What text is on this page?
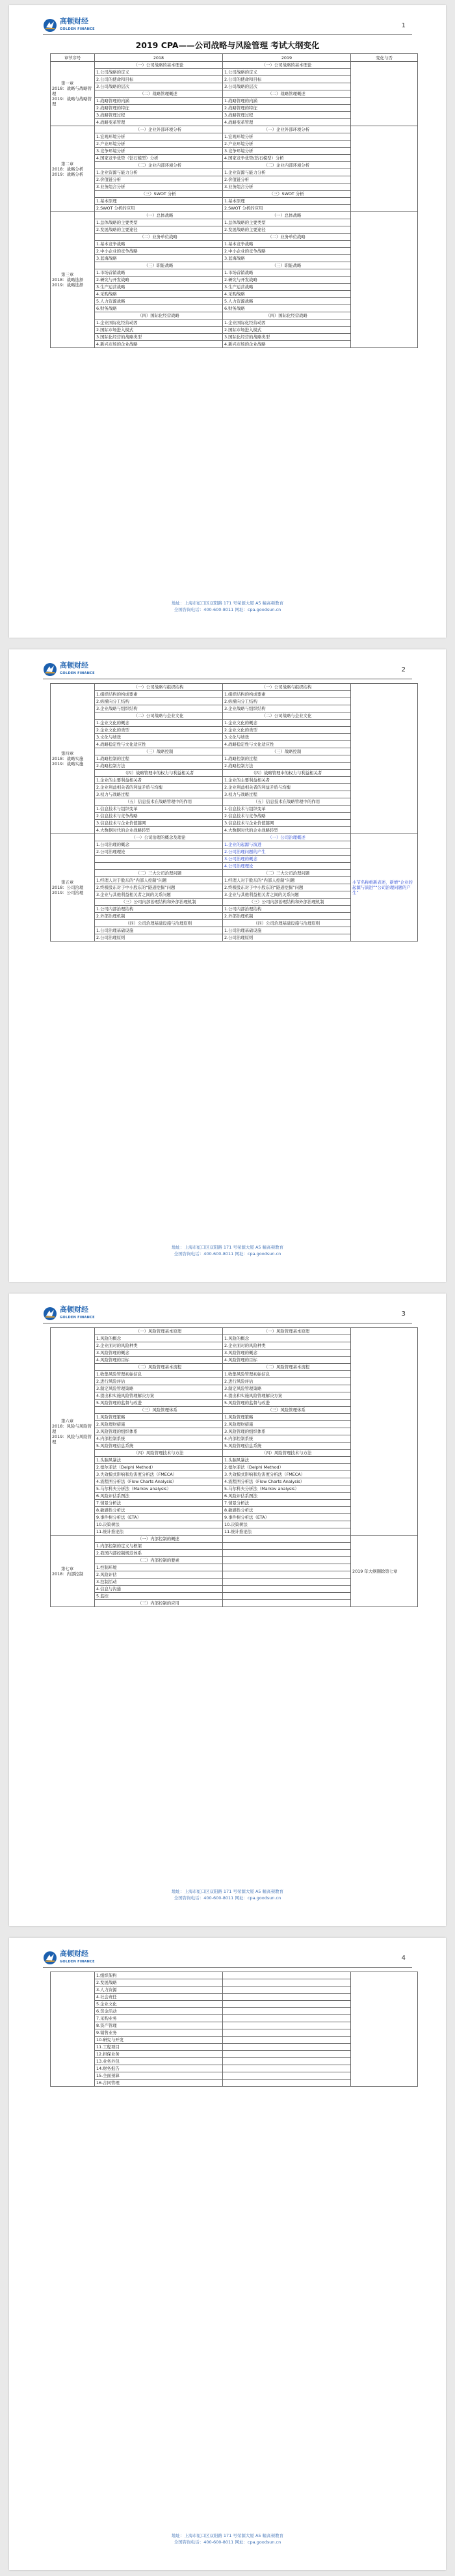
高顿财经
GOLDEN FINANCE	1
2019 CPA——公司战略与风险管理 考试大纲变化
章节序号	2018	2019	变化与否

第一章
2018：战略与战略管理
2019：战略与战略管理	（一）公司战略的基本理论	（一）公司战略的基本理论	
	1.公司战略的定义	1.公司战略的定义	
	2.公司的使命和目标	2.公司的使命和目标	
	3.公司战略的层次	3.公司战略的层次	
	（二）战略管理概述	（二）战略管理概述	
	1.战略管理的内涵	1.战略管理的内涵	
	2.战略管理的特征	2.战略管理的特征	
	3.战略管理过程	3.战略管理过程	
	4.战略变革管理	4.战略变革管理	

第二章
2018：战略分析
2019：战略分析	（一）企业外部环境分析	（一）企业外部环境分析	
	1.宏观环境分析	1.宏观环境分析	
	2.产业环境分析	2.产业环境分析	
	3.竞争环境分析	3.竞争环境分析	
	4.国家竞争优势（钻石模型）分析	4.国家竞争优势(钻石模型）分析	
	（二）企业内部环境分析	（二）企业内部环境分析	
	1.企业资源与能力分析	1.企业资源与能力分析	
	2.价值链分析	2.价值链分析	
	3.业务组合分析	3.业务组合分析	
	（三）SWOT 分析	（三）SWOT 分析	
	1.基本原理	1.基本原理	
	2.SWOT 分析的应用	2.SWOT 分析的应用	

第三章
2018：战略选择
2019：战略选择	（一）总体战略	（一）总体战略	
	1.总体战略的主要类型	1.总体战略的主要类型	
	2.发展战略的主要途径	2.发展战略的主要途径	
	（二）业务单位战略	（二）业务单位战略	
	1.基本竞争战略	1.基本竞争战略	
	2.中小企业的竞争战略	2.中小企业的竞争战略	
	3.蓝海战略	3.蓝海战略	
	（三）职能战略	（三）职能战略	
	1.市场营销战略	1.市场营销战略	
	2.研究与开发战略	2.研究与开发战略	
	3.生产运营战略	3.生产运营战略	
	4.采购战略	4.采购战略	
	5.人力资源战略	5.人力资源战略	
	6.财务战略	6.财务战略	
	（四）国际化经营战略	（四）国际化经营战略	
	1.企业国际化经营动因	1.企业国际化经营动因	
	2.国际市场进入模式	2.国际市场进入模式	
	3.国际化经营的战略类型	3.国际化经营的战略类型	
	4.新兴市场的企业战略	4.新兴市场的企业战略	
地址：上海市虹口区双阳路 171 号荣源大厦 A5 幢高顿教育
全国咨询电话：400-600-8011 网址：cpa.goodsun.cn
高顿财经
GOLDEN FINANCE	2
第四章
2018：战略实施
2019：战略实施	（一）公司战略与组织结构	（一）公司战略与组织结构	
	1.组织结构的构成要素	1.组织结构的构成要素	
	2.纵横向分工结构	2.纵横向分工结构	
	3.企业战略与组织结构	3.企业战略与组织结构	
	（二）公司战略与企业文化	（二）公司战略与企业文化	
	1.企业文化的概念	1.企业文化的概念	
	2.企业文化的类型	2.企业文化的类型	
	3.文化与绩效	3.文化与绩效	
	4.战略稳定性与文化适应性	4.战略稳定性与文化适应性	
	（三）战略控制	（三）战略控制	
	1.战略控制的过程	1.战略控制的过程	
	2.战略控制方法	2.战略控制方法	
	（四）战略管理中的权力与利益相关者	（四）战略管理中的权力与利益相关者	
	1.企业的主要利益相关者	1.企业的主要利益相关者	
	2.企业利益相关者的利益矛盾与均衡	2.企业利益相关者的利益矛盾与均衡	
	3.权力与战略过程	3.权力与战略过程	
	（五）信息技术在战略管理中的作用	（五）信息技术在战略管理中的作用	
	1.信息技术与组织变革	1.信息技术与组织变革	
	2.信息技术与竞争战略	2.信息技术与竞争战略	
	3.信息技术与企业价值链网	3.信息技术与企业价值链网	
	4.大数据时代的企业战略转型	4.大数据时代的企业战略转型	

第五章
2018：公司治理
2019：公司治理	（一）公司治理的概念及理论	（一）公司治理概述	小节名称重新表述，新增“企业的起源与演进”“公司治理问题的产生”
	1.公司治理的概念	1.企业的起源与演进	
	2.公司治理理论	2.公司治理问题的产生	
		3.公司治理的概念	
		4.公司治理理论	
	（二）三大公司治理问题	（二）三大公司治理问题	
	1.经理人对于股东的“内部人控制”问题	1.经理人对于股东的“内部人控制”问题	
	2.终极股东对于中小股东的“隧道挖掘”问题	2.终极股东对于中小股东的“隧道挖掘”问题	
	3.企业与其他利益相关者之间的关系问题	3.企业与其他利益相关者之间的关系问题	
	（三）公司内部治理结构和外部治理机制	（三）公司内部治理结构和外部治理机制	
	1.公司内部治理结构	1.公司内部治理结构	
	2.外部治理机制	2.外部治理机制	
	（四）公司治理基础设施与治理原则	（四）公司治理基础设施与治理原则	
	1.公司治理基础设施	1.公司治理基础设施	
	2.公司治理原则	2.公司治理原则	
地址：上海市虹口区双阳路 171 号荣源大厦 A5 幢高顿教育
全国咨询电话：400-600-8011 网址：cpa.goodsun.cn
高顿财经
GOLDEN FINANCE	3
第六章
2018：风险与风险管理
2019：风险与风险管理	（一）风险管理基本原理	（一）风险管理基本原理	
	1.风险的概念	1.风险的概念	
	2.企业面对的风险种类	2.企业面对的风险种类	
	3.风险管理的概念	3.风险管理的概念	
	4.风险管理的目标	4.风险管理的目标	
	（二）风险管理基本流程	（二）风险管理基本流程	
	1.收集风险管理初始信息	1.收集风险管理初始信息	
	2.进行风险评估	2.进行风险评估	
	3.制定风险管理策略	3.制定风险管理策略	
	4.提出和实施风险管理解决方案	4.提出和实施风险管理解决方案	
	5.风险管理的监督与改进	5.风险管理的监督与改进	
	（三）风险管理体系	（三）风险管理体系	
	1.风险管理策略	1.风险管理策略	
	2.风险理财措施	2.风险理财措施	
	3.风险管理的组织体系	3.风险管理的组织体系	
	4.内部控制系统	4.内部控制系统	
	5.风险管理信息系统	5.风险管理信息系统	
	（四）风险管理技术与方法	（四）风险管理技术与方法	
	1.头脑风暴法	1.头脑风暴法	
	2.德尔菲法（Delphi Method）	2.德尔菲法（Delphi Method）	
	3.失效模式影响和危害度分析法（FMECA）	3.失效模式影响和危害度分析法（FMECA）	
	4.流程图分析法（Flow Charts Analysis）	4.流程图分析法（Flow Charts Analysis）	
	5.马尔科夫分析法（Markov analysis）	5.马尔科夫分析法（Markov analysis）	
	6.风险评估系图法	6.风险评估系图法	
	7.情景分析法	7.情景分析法	
	8.敏感性分析法	8.敏感性分析法	
	9.事件树分析法（ETA）	9.事件树分析法（ETA）	
	10.决策树法	10.决策树法	
	11.统计推论法	11.统计推论法	

第七章
2018：内部控制	（一）内部控制的概述		2019 年大纲删除第七章
	1.内部控制的定义与框架		
	2.我国内部控制规范体系		
	（二）内部控制的要素		
	1.控制环境		
	2.风险评估		
	3.控制活动		
	4.信息与沟通		
	5.监控		
	（三）内部控制的应用		
地址：上海市虹口区双阳路 171 号荣源大厦 A5 幢高顿教育
全国咨询电话：400-600-8011 网址：cpa.goodsun.cn
高顿财经
GOLDEN FINANCE	4
	1.组织架构		
	2.发展战略		
	3.人力资源		
	4.社会责任		
	5.企业文化		
	6.资金活动		
	7.采购业务		
	8.资产管理		
	9.销售业务		
	10.研究与开发		
	11.工程项目		
	12.担保业务		
	13.业务外包		
	14.财务报告		
	15.全面预算		
	16.合同管理		
地址：上海市虹口区双阳路 171 号荣源大厦 A5 幢高顿教育
全国咨询电话：400-600-8011 网址：cpa.goodsun.cn
